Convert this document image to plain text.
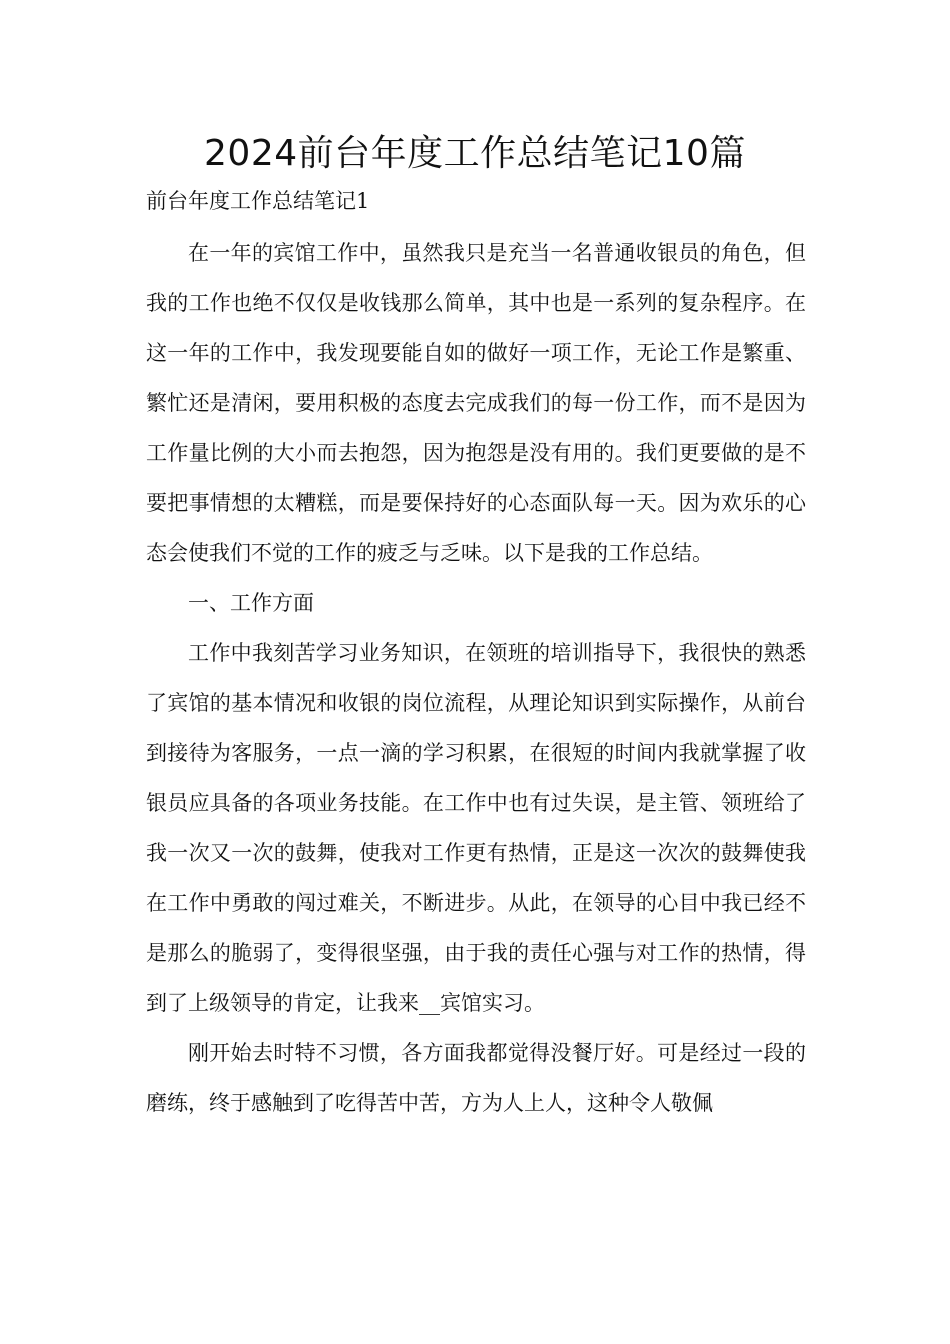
2024前台年度工作总结笔记10篇
前台年度工作总结笔记1

在一年的宾馆工作中，虽然我只是充当一名普通收银员的角色，但我的工作也绝不仅仅是收钱那么简单，其中也是一系列的复杂程序。在这一年的工作中，我发现要能自如的做好一项工作，无论工作是繁重、繁忙还是清闲，要用积极的态度去完成我们的每一份工作，而不是因为工作量比例的大小而去抱怨，因为抱怨是没有用的。我们更要做的是不要把事情想的太糟糕，而是要保持好的心态面队每一天。因为欢乐的心态会使我们不觉的工作的疲乏与乏味。以下是我的工作总结。

一、工作方面

工作中我刻苦学习业务知识，在领班的培训指导下，我很快的熟悉了宾馆的基本情况和收银的岗位流程，从理论知识到实际操作，从前台到接待为客服务，一点一滴的学习积累，在很短的时间内我就掌握了收银员应具备的各项业务技能。在工作中也有过失误，是主管、领班给了我一次又一次的鼓舞，使我对工作更有热情，正是这一次次的鼓舞使我在工作中勇敢的闯过难关，不断进步。从此，在领导的心目中我已经不是那么的脆弱了，变得很坚强，由于我的责任心强与对工作的热情，得到了上级领导的肯定，让我来__宾馆实习。

刚开始去时特不习惯，各方面我都觉得没餐厅好。可是经过一段的磨练，终于感触到了吃得苦中苦，方为人上人，这种令人敬佩
